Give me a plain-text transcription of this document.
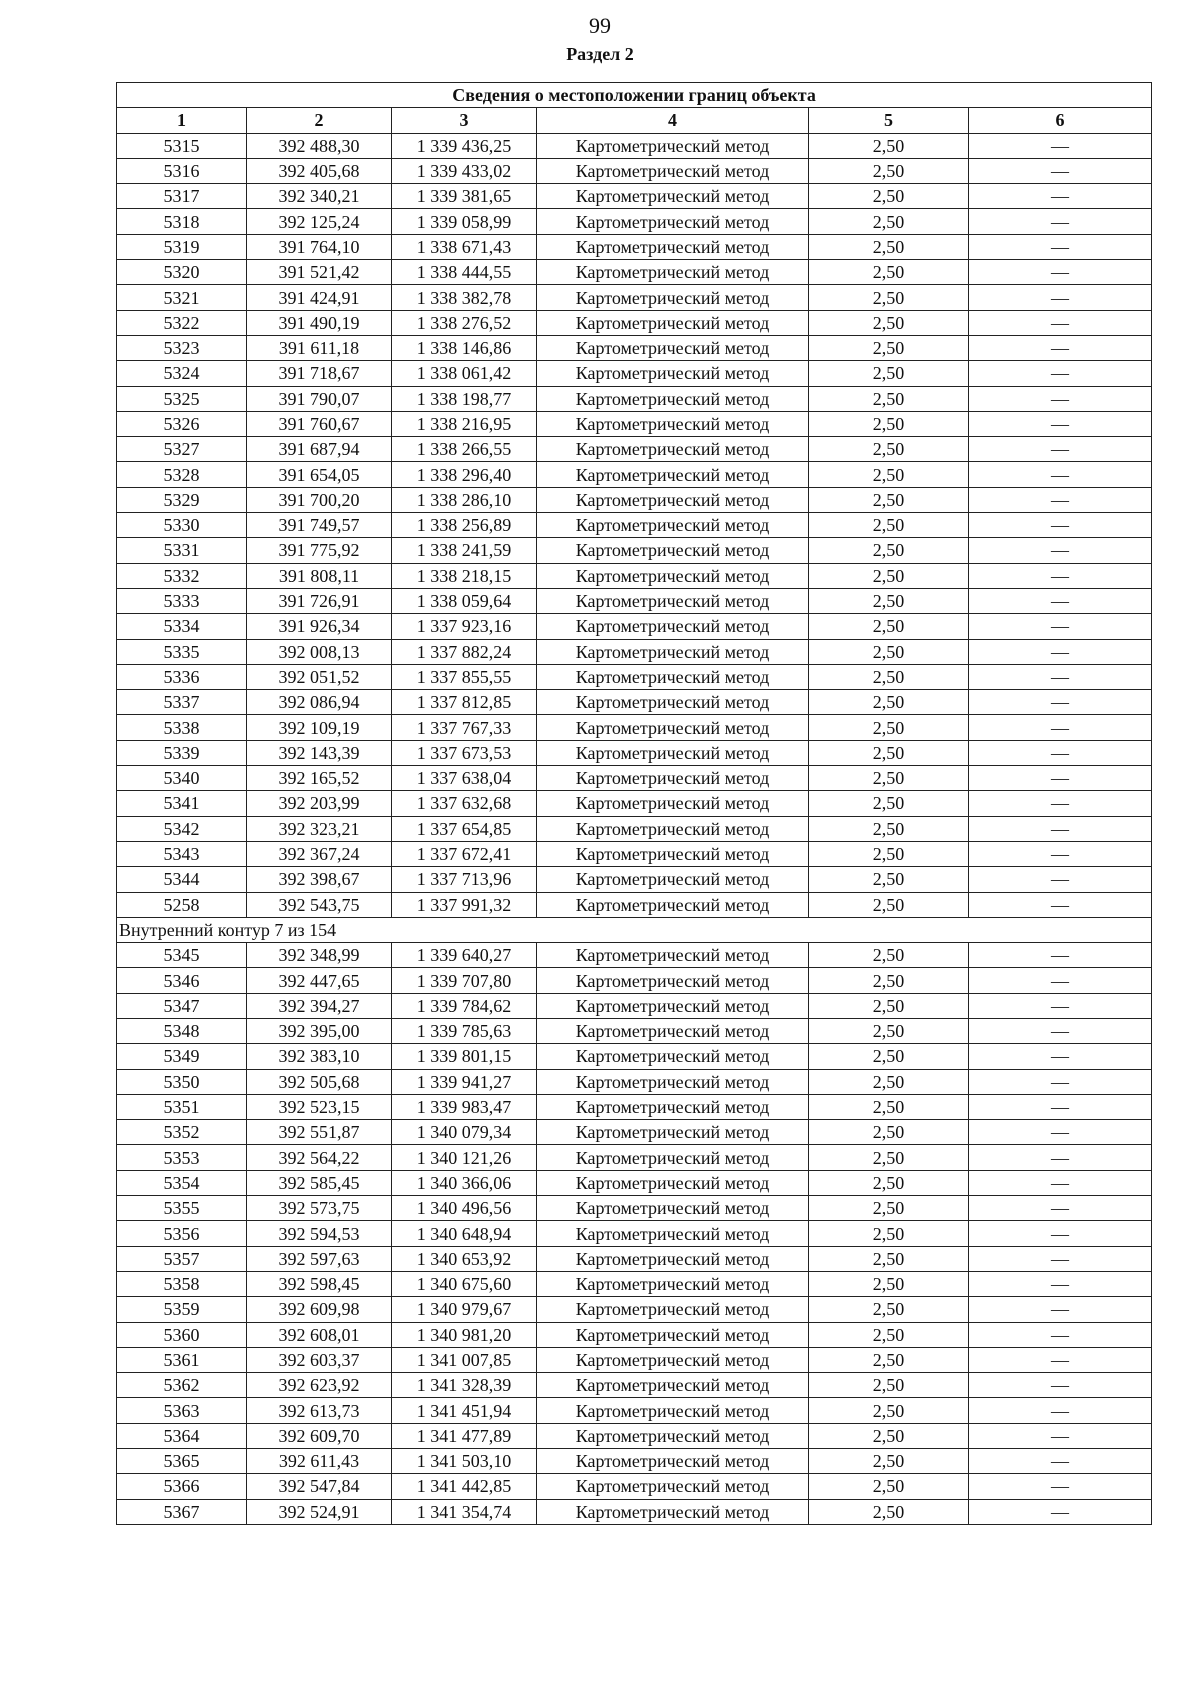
99
Раздел 2
Сведения о местоположении границ объекта					
1	2	3	4	5	6
5315	392 488,30	1 339 436,25	Картометрический метод	2,50	—
5316	392 405,68	1 339 433,02	Картометрический метод	2,50	—
5317	392 340,21	1 339 381,65	Картометрический метод	2,50	—
5318	392 125,24	1 339 058,99	Картометрический метод	2,50	—
5319	391 764,10	1 338 671,43	Картометрический метод	2,50	—
5320	391 521,42	1 338 444,55	Картометрический метод	2,50	—
5321	391 424,91	1 338 382,78	Картометрический метод	2,50	—
5322	391 490,19	1 338 276,52	Картометрический метод	2,50	—
5323	391 611,18	1 338 146,86	Картометрический метод	2,50	—
5324	391 718,67	1 338 061,42	Картометрический метод	2,50	—
5325	391 790,07	1 338 198,77	Картометрический метод	2,50	—
5326	391 760,67	1 338 216,95	Картометрический метод	2,50	—
5327	391 687,94	1 338 266,55	Картометрический метод	2,50	—
5328	391 654,05	1 338 296,40	Картометрический метод	2,50	—
5329	391 700,20	1 338 286,10	Картометрический метод	2,50	—
5330	391 749,57	1 338 256,89	Картометрический метод	2,50	—
5331	391 775,92	1 338 241,59	Картометрический метод	2,50	—
5332	391 808,11	1 338 218,15	Картометрический метод	2,50	—
5333	391 726,91	1 338 059,64	Картометрический метод	2,50	—
5334	391 926,34	1 337 923,16	Картометрический метод	2,50	—
5335	392 008,13	1 337 882,24	Картометрический метод	2,50	—
5336	392 051,52	1 337 855,55	Картометрический метод	2,50	—
5337	392 086,94	1 337 812,85	Картометрический метод	2,50	—
5338	392 109,19	1 337 767,33	Картометрический метод	2,50	—
5339	392 143,39	1 337 673,53	Картометрический метод	2,50	—
5340	392 165,52	1 337 638,04	Картометрический метод	2,50	—
5341	392 203,99	1 337 632,68	Картометрический метод	2,50	—
5342	392 323,21	1 337 654,85	Картометрический метод	2,50	—
5343	392 367,24	1 337 672,41	Картометрический метод	2,50	—
5344	392 398,67	1 337 713,96	Картометрический метод	2,50	—
5258	392 543,75	1 337 991,32	Картометрический метод	2,50	—
Внутренний контур 7 из 154					
5345	392 348,99	1 339 640,27	Картометрический метод	2,50	—
5346	392 447,65	1 339 707,80	Картометрический метод	2,50	—
5347	392 394,27	1 339 784,62	Картометрический метод	2,50	—
5348	392 395,00	1 339 785,63	Картометрический метод	2,50	—
5349	392 383,10	1 339 801,15	Картометрический метод	2,50	—
5350	392 505,68	1 339 941,27	Картометрический метод	2,50	—
5351	392 523,15	1 339 983,47	Картометрический метод	2,50	—
5352	392 551,87	1 340 079,34	Картометрический метод	2,50	—
5353	392 564,22	1 340 121,26	Картометрический метод	2,50	—
5354	392 585,45	1 340 366,06	Картометрический метод	2,50	—
5355	392 573,75	1 340 496,56	Картометрический метод	2,50	—
5356	392 594,53	1 340 648,94	Картометрический метод	2,50	—
5357	392 597,63	1 340 653,92	Картометрический метод	2,50	—
5358	392 598,45	1 340 675,60	Картометрический метод	2,50	—
5359	392 609,98	1 340 979,67	Картометрический метод	2,50	—
5360	392 608,01	1 340 981,20	Картометрический метод	2,50	—
5361	392 603,37	1 341 007,85	Картометрический метод	2,50	—
5362	392 623,92	1 341 328,39	Картометрический метод	2,50	—
5363	392 613,73	1 341 451,94	Картометрический метод	2,50	—
5364	392 609,70	1 341 477,89	Картометрический метод	2,50	—
5365	392 611,43	1 341 503,10	Картометрический метод	2,50	—
5366	392 547,84	1 341 442,85	Картометрический метод	2,50	—
5367	392 524,91	1 341 354,74	Картометрический метод	2,50	—
